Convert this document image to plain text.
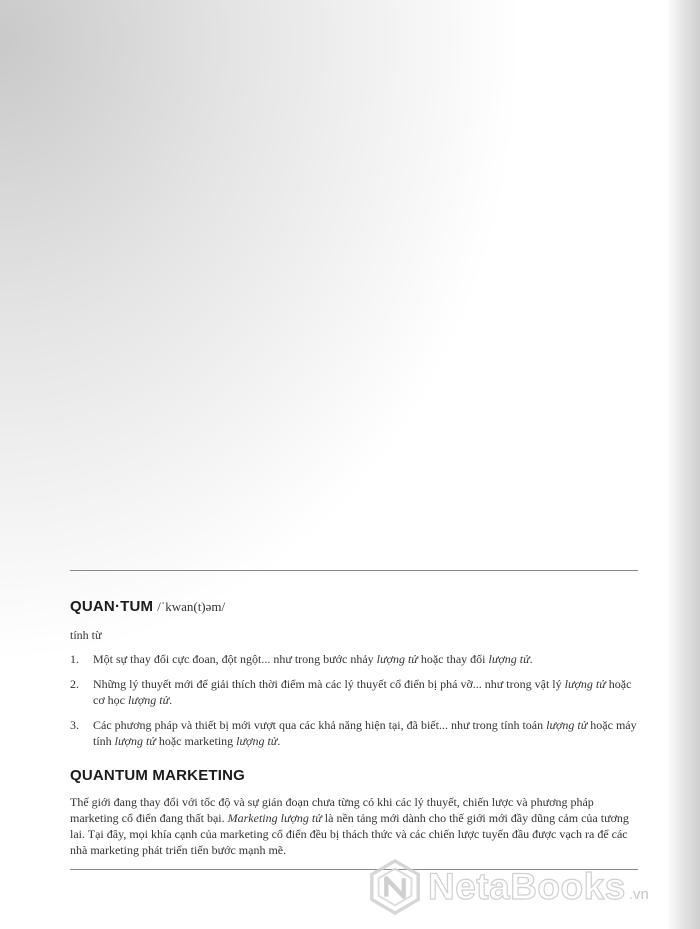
QUAN·TUM /ˈkwan(t)əm/

tính từ
1. Một sự thay đổi cực đoan, đột ngột... như trong bước nhảy lượng tử hoặc thay đổi lượng tử.
2. Những lý thuyết mới để giải thích thời điểm mà các lý thuyết cổ điển bị phá vỡ... như trong vật lý lượng tử hoặc cơ học lượng tử.
3. Các phương pháp và thiết bị mới vượt qua các khả năng hiện tại, đã biết... như trong tính toán lượng tử hoặc máy tính lượng tử hoặc marketing lượng tử.
QUANTUM MARKETING

Thế giới đang thay đổi với tốc độ và sự gián đoạn chưa từng có khi các lý thuyết, chiến lược và phương pháp marketing cổ điển đang thất bại. Marketing lượng tử là nền tảng mới dành cho thế giới mới đầy dũng cảm của tương lai. Tại đây, mọi khía cạnh của marketing cổ điển đều bị thách thức và các chiến lược tuyến đầu được vạch ra để các nhà marketing phát triển tiến bước mạnh mẽ.

NetaBooks .vn
